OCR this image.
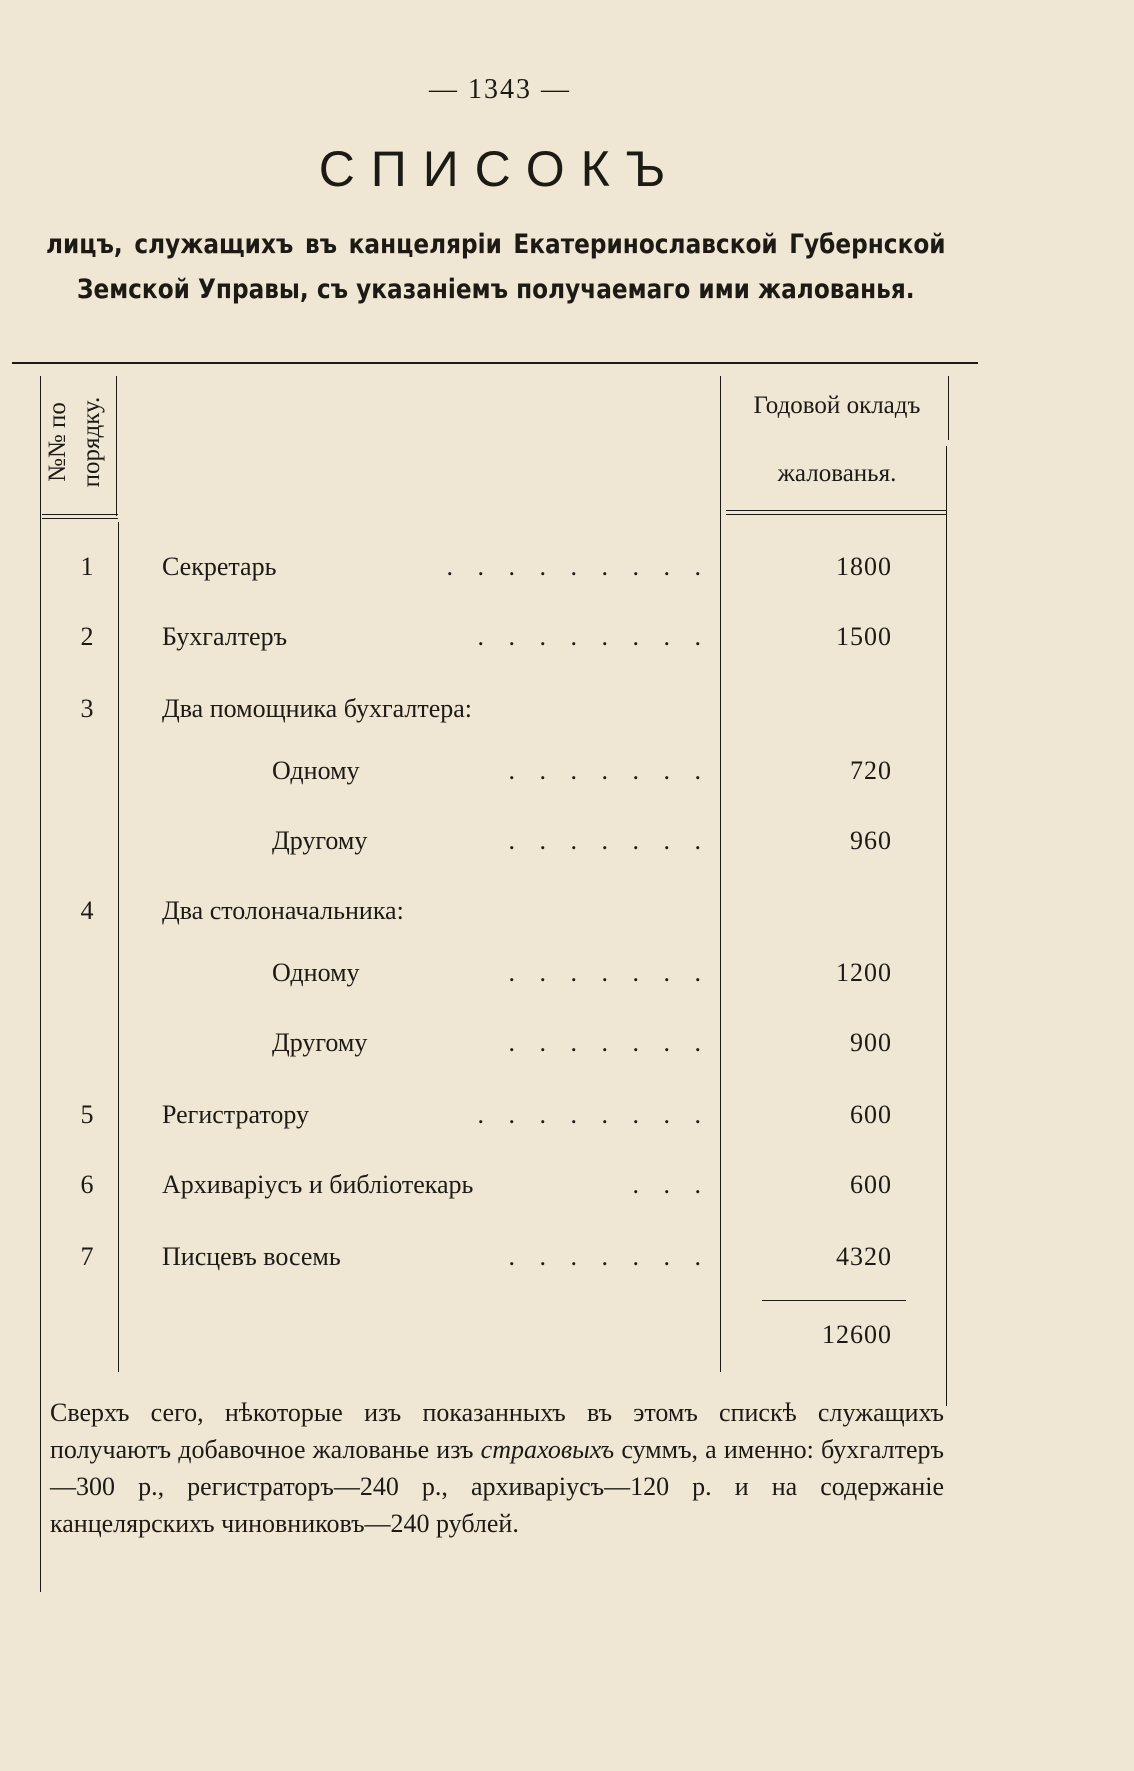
— 1343 —
СПИСОКЪ
лицъ, служащихъ въ канцеляріи Екатеринославской Губернской Земской Управы, съ указаніемъ получаемаго ими жалованья.
№№ по порядку.	Годовой окладъ
жалованья.
1	Секретарь	. . . . . . . . .	1800
2	Бухгалтеръ	. . . . . . . .	1500
3	Два помощника бухгалтера:
Одному	. . . . . . .	720
Другому	. . . . . . .	960
4	Два столоначальника:
Одному	. . . . . . .	1200
Другому	. . . . . . .	900
5	Регистратору	. . . . . . . .	600
6	Архиваріусъ и библіотекарь	. . .	600
7	Писцевъ восемь	. . . . . . .	4320
12600
Сверхъ сего, нѣкоторые изъ показанныхъ въ этомъ спискѣ служащихъ получаютъ добавочное жалованье изъ страховыхъ суммъ, а именно: бухгалтеръ—300 р., регистраторъ—240 р., архиваріусъ—120 р. и на содержаніе канцелярскихъ чиновниковъ—240 рублей.
